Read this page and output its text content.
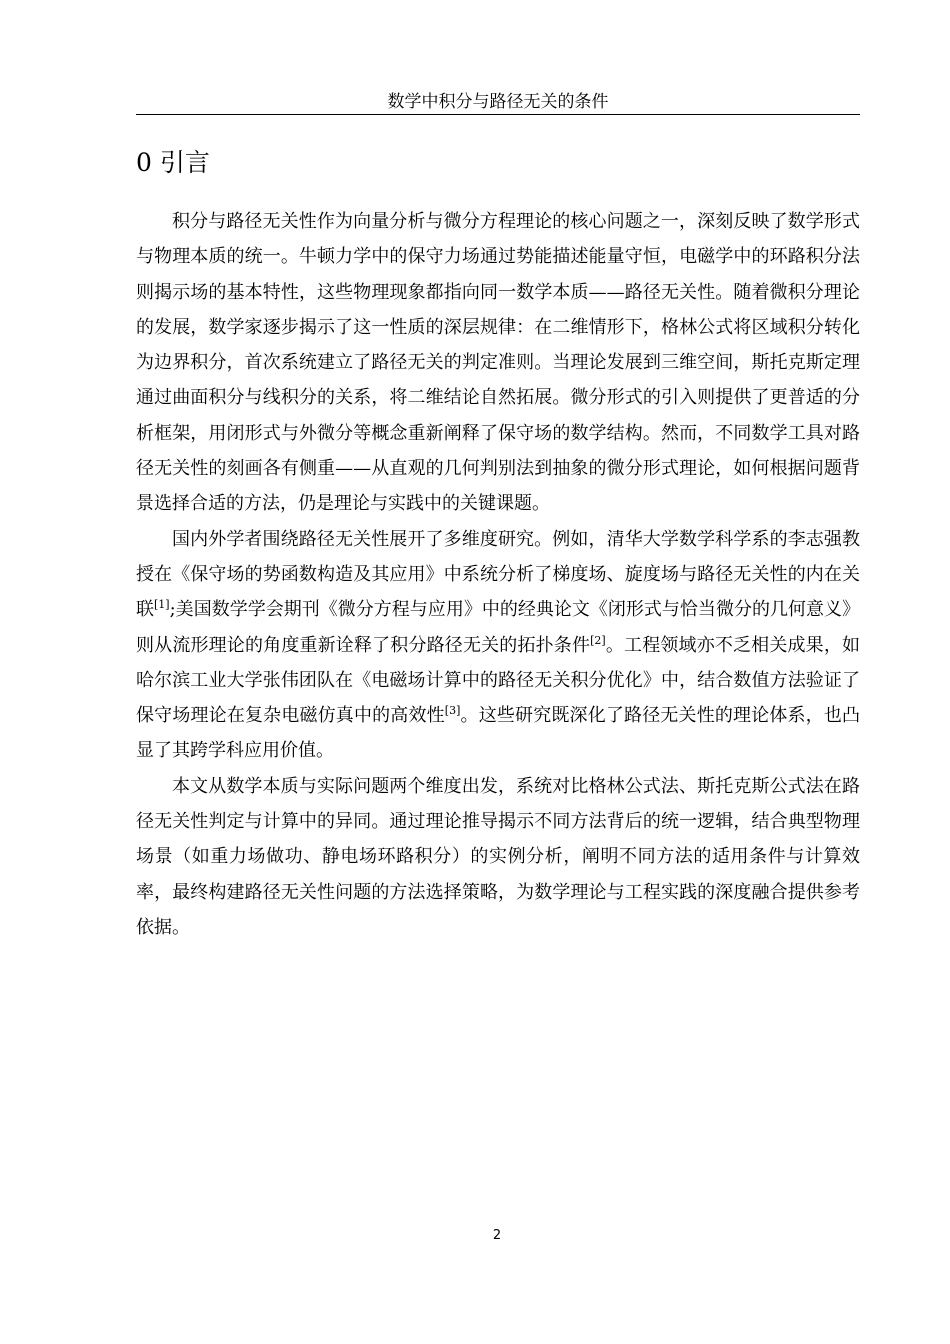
数学中积分与路径无关的条件
0 引言

积分与路径无关性作为向量分析与微分方程理论的核心问题之一，深刻反映了数学形式与物理本质的统一。牛顿力学中的保守力场通过势能描述能量守恒，电磁学中的环路积分法则揭示场的基本特性，这些物理现象都指向同一数学本质——路径无关性。随着微积分理论的发展，数学家逐步揭示了这一性质的深层规律：在二维情形下，格林公式将区域积分转化为边界积分，首次系统建立了路径无关的判定准则。当理论发展到三维空间，斯托克斯定理通过曲面积分与线积分的关系，将二维结论自然拓展。微分形式的引入则提供了更普适的分析框架，用闭形式与外微分等概念重新阐释了保守场的数学结构。然而，不同数学工具对路径无关性的刻画各有侧重——从直观的几何判别法到抽象的微分形式理论，如何根据问题背景选择合适的方法，仍是理论与实践中的关键课题。

国内外学者围绕路径无关性展开了多维度研究。例如，清华大学数学科学系的李志强教授在《保守场的势函数构造及其应用》中系统分析了梯度场、旋度场与路径无关性的内在关联[1];美国数学学会期刊《微分方程与应用》中的经典论文《闭形式与恰当微分的几何意义》则从流形理论的角度重新诠释了积分路径无关的拓扑条件[2]。工程领域亦不乏相关成果，如哈尔滨工业大学张伟团队在《电磁场计算中的路径无关积分优化》中，结合数值方法验证了保守场理论在复杂电磁仿真中的高效性[3]。这些研究既深化了路径无关性的理论体系，也凸显了其跨学科应用价值。

本文从数学本质与实际问题两个维度出发，系统对比格林公式法、斯托克斯公式法在路径无关性判定与计算中的异同。通过理论推导揭示不同方法背后的统一逻辑，结合典型物理场景（如重力场做功、静电场环路积分）的实例分析，阐明不同方法的适用条件与计算效率，最终构建路径无关性问题的方法选择策略，为数学理论与工程实践的深度融合提供参考依据。

2
